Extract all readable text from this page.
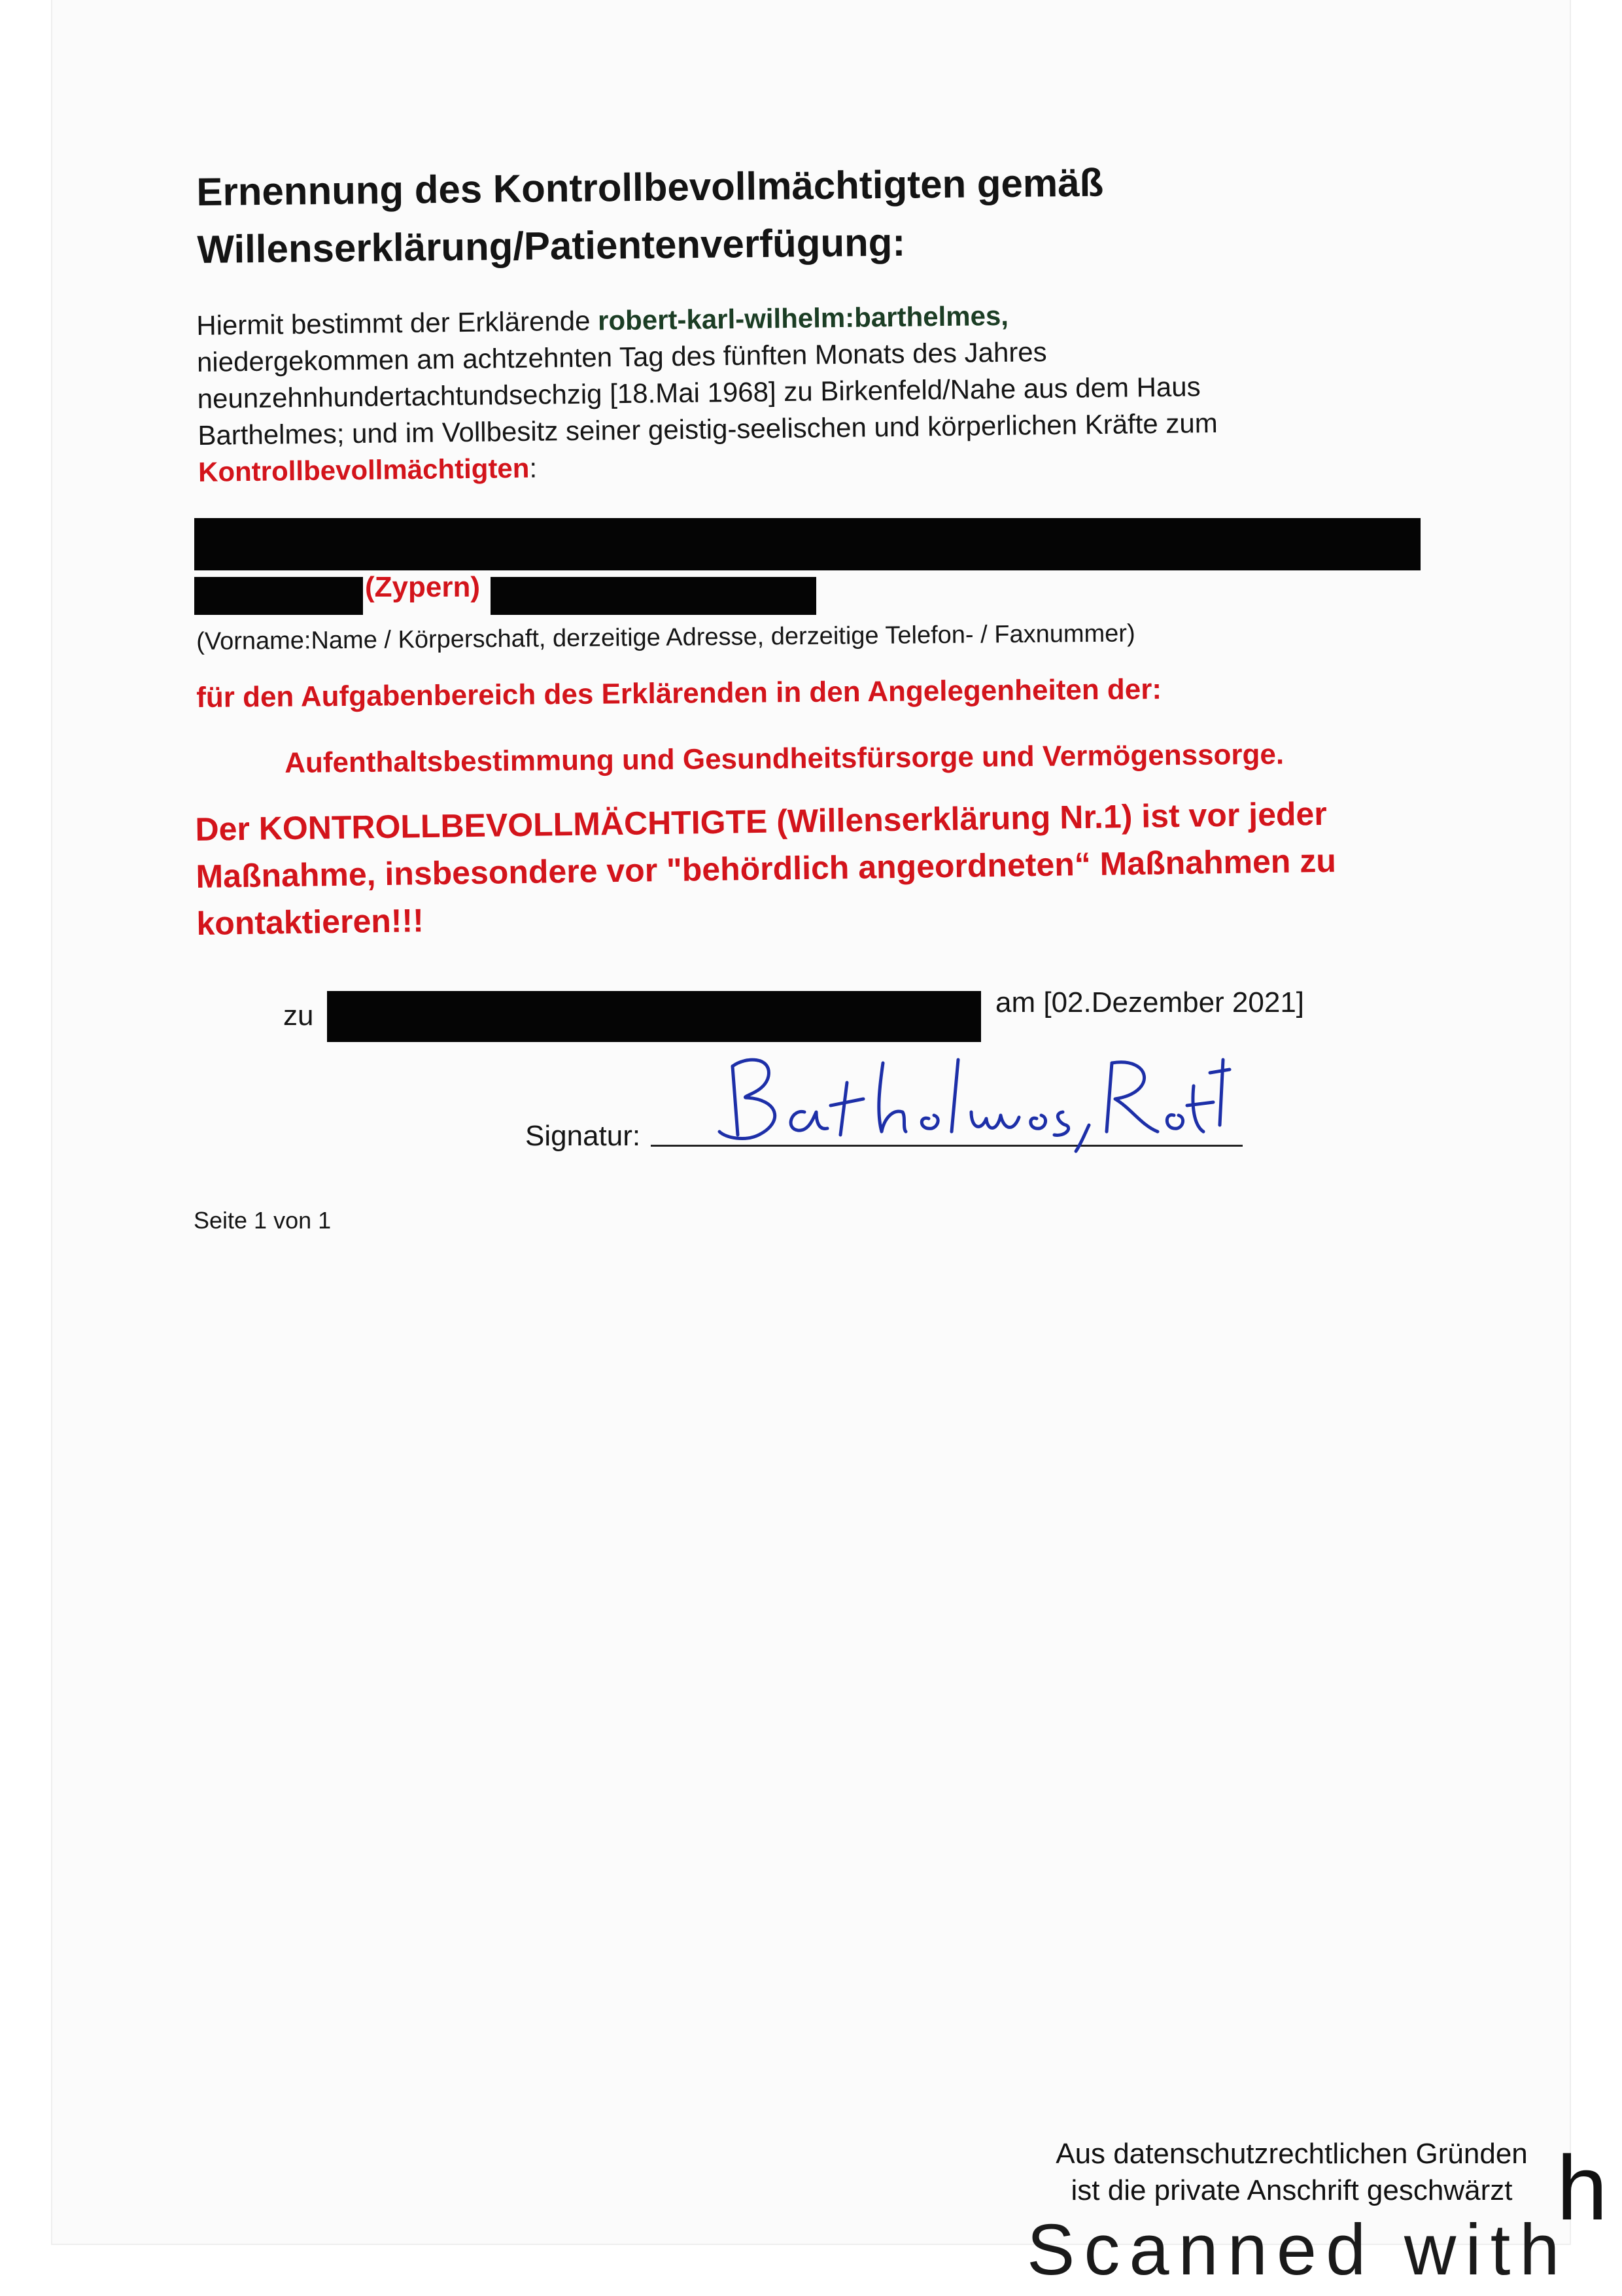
Ernennung des Kontrollbevollmächtigten gemäß
Willenserklärung/Patientenverfügung:
Hiermit bestimmt der Erklärende robert-karl-wilhelm:barthelmes,
niedergekommen am achtzehnten Tag des fünften Monats des Jahres
neunzehnhundertachtundsechzig [18.Mai 1968] zu Birkenfeld/Nahe aus dem Haus
Barthelmes; und im Vollbesitz seiner geistig-seelischen und körperlichen Kräfte zum
Kontrollbevollmächtigten:
(Zypern)
(Vorname:Name / Körperschaft, derzeitige Adresse, derzeitige Telefon- / Faxnummer)
für den Aufgabenbereich des Erklärenden in den Angelegenheiten der:
Aufenthaltsbestimmung und Gesundheitsfürsorge und Vermögenssorge.
Der KONTROLLBEVOLLMÄCHTIGTE (Willenserklärung Nr.1) ist vor jeder
Maßnahme, insbesondere vor "behördlich angeordneten“ Maßnahmen zu
kontaktieren!!!
zu	am [02.Dezember 2021]
Signatur:
Seite 1 von 1
Aus datenschutzrechtlichen Gründen
ist die private Anschrift geschwärzt
Scanned with
h
